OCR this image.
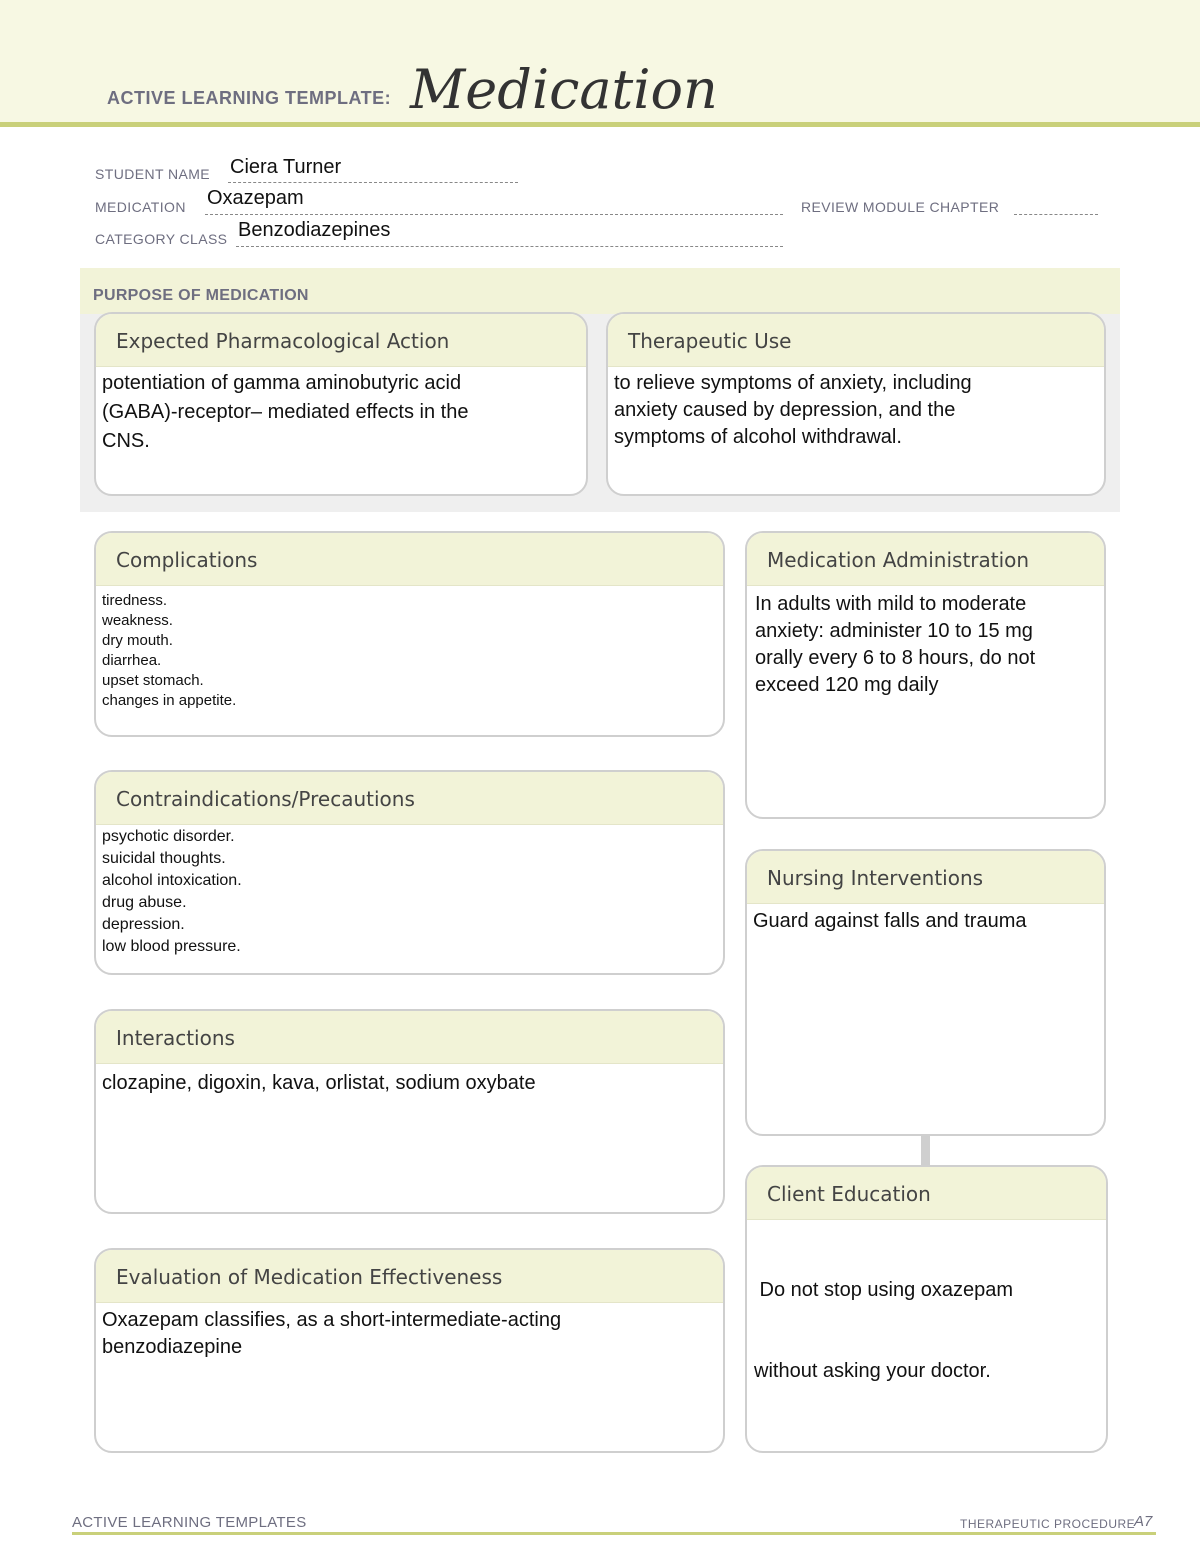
ACTIVE LEARNING TEMPLATE: Medication
STUDENT NAME Ciera Turner
MEDICATION Oxazepam	REVIEW MODULE CHAPTER
CATEGORY CLASS Benzodiazepines
PURPOSE OF MEDICATION
Expected Pharmacological Action
potentiation of gamma aminobutyric acid
(GABA)-receptor– mediated effects in the
CNS.
Therapeutic Use
to relieve symptoms of anxiety, including
anxiety caused by depression, and the
symptoms of alcohol withdrawal.
Complications
tiredness.
weakness.
dry mouth.
diarrhea.
upset stomach.
changes in appetite.
Contraindications/Precautions
psychotic disorder.
suicidal thoughts.
alcohol intoxication.
drug abuse.
depression.
low blood pressure.
Interactions
clozapine, digoxin, kava, orlistat, sodium oxybate
Evaluation of Medication Effectiveness
Oxazepam classifies, as a short-intermediate-acting
benzodiazepine
Medication Administration
In adults with mild to moderate
anxiety: administer 10 to 15 mg
orally every 6 to 8 hours, do not
exceed 120 mg daily
Nursing Interventions
Guard against falls and trauma
Client Education

Do not stop using oxazepam

without asking your doctor.

ACTIVE LEARNING TEMPLATES	THERAPEUTIC PROCEDURE
A7
